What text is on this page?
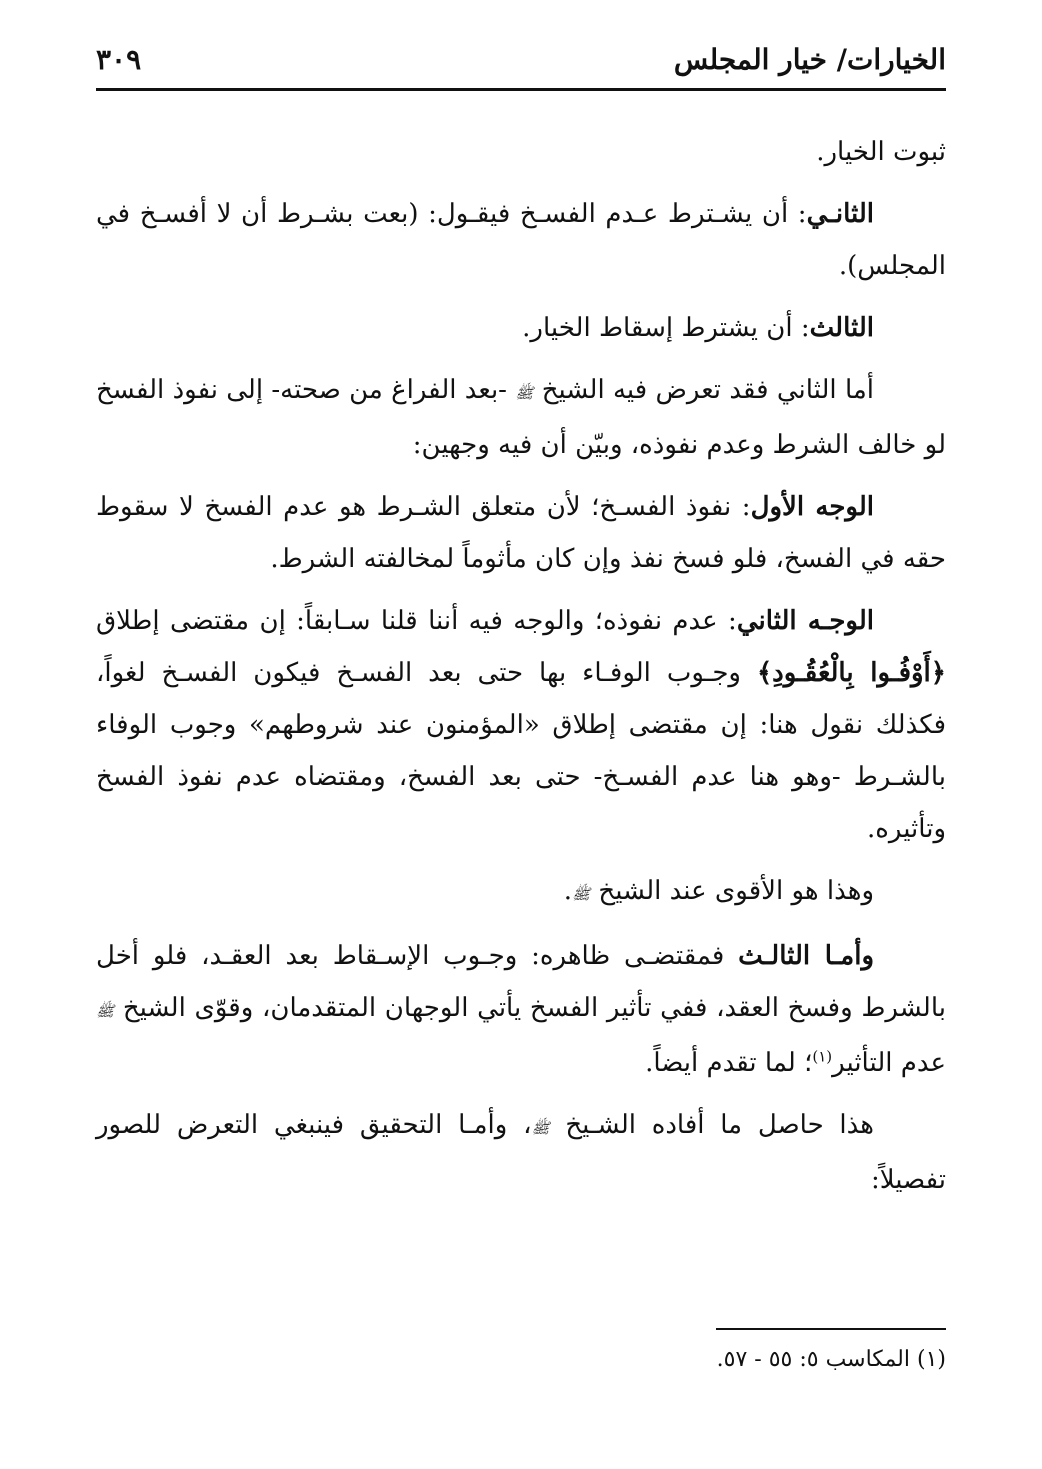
الخيارات/ خيار المجلس
٣٠٩

ثبوت الخيار.

الثانـي: أن يشـترط عـدم الفسـخ فيقـول: (بعت بشـرط أن لا أفسـخ في المجلس).

الثالث: أن يشترط إسقاط الخيار.

أما الثاني فقد تعرض فيه الشيخ ﷺ -بعد الفراغ من صحته- إلى نفوذ الفسخ لو خالف الشرط وعدم نفوذه، وبيّن أن فيه وجهين:

الوجه الأول: نفوذ الفسـخ؛ لأن متعلق الشـرط هو عدم الفسخ لا سقوط حقه في الفسخ، فلو فسخ نفذ وإن كان مأثوماً لمخالفته الشرط.

الوجـه الثاني: عدم نفوذه؛ والوجه فيه أننا قلنا سـابقاً: إن مقتضى إطلاق ﴿أَوْفُـوا بِالْعُقُـودِ﴾ وجـوب الوفـاء بها حتى بعد الفسـخ فيكون الفسـخ لغواً، فكذلك نقول هنا: إن مقتضى إطلاق «المؤمنون عند شروطهم» وجوب الوفاء بالشـرط -وهو هنا عدم الفسـخ- حتى بعد الفسخ، ومقتضاه عدم نفوذ الفسخ وتأثيره.

وهذا هو الأقوى عند الشيخ ﷺ.

وأمـا الثالـث فمقتضـى ظاهره: وجـوب الإسـقاط بعد العقـد، فلو أخل بالشرط وفسخ العقد، ففي تأثير الفسخ يأتي الوجهان المتقدمان، وقوّى الشيخ ﷺ عدم التأثير$^{(١)}$؛ لما تقدم أيضاً.

هذا حاصل ما أفاده الشـيخ ﷺ، وأمـا التحقيق فينبغي التعرض للصور تفصيلاً:

(١) المكاسب ٥: ٥٥ - ٥٧.
